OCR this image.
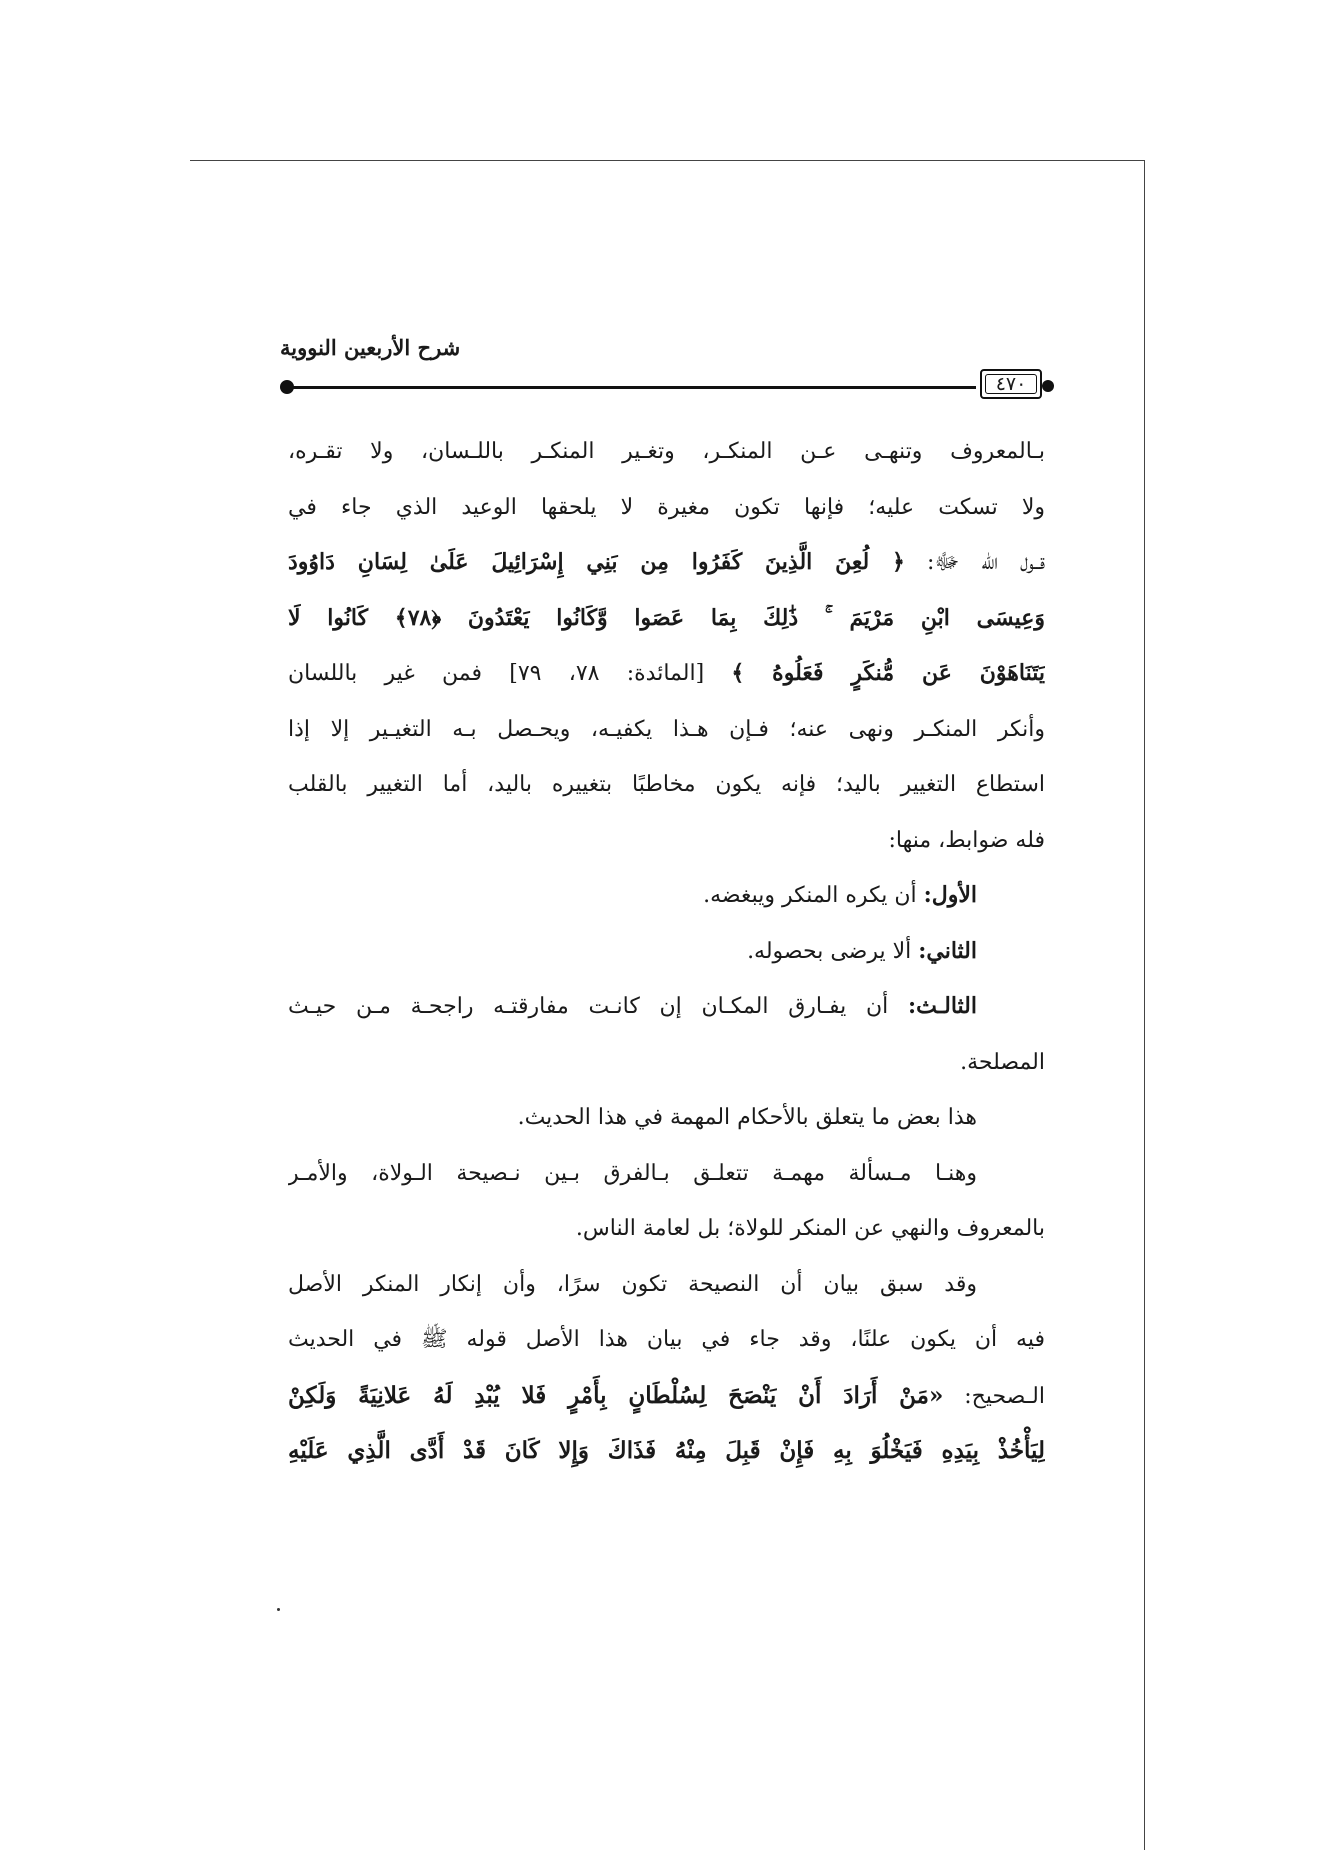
شرح الأربعين النووية
٤٧٠
بـالمعروف وتنهـى عـن المنكـر، وتغـير المنكـر باللـسان، ولا تقـره،
ولا تسكت عليه؛ فإنها تكون مغيرة لا يلحقها الوعيد الذي جاء في
قــول الله ﷻ: ﴿ لُعِنَ الَّذِينَ كَفَرُوا مِن بَنِي إِسْرَائِيلَ عَلَىٰ لِسَانِ دَاوُودَ
وَعِيسَى ابْنِ مَرْيَمَ ۚ ذَٰلِكَ بِمَا عَصَوا وَّكَانُوا يَعْتَدُونَ ﴿٧٨﴾ كَانُوا لَا
يَتَنَاهَوْنَ عَن مُّنكَرٍ فَعَلُوهُ ﴾ [المائدة: ٧٨، ٧٩] فمن غير باللسان
وأنكر المنكـر ونهى عنه؛ فـإن هـذا يكفيـه، ويحـصل بـه التغيـير إلا إذا
استطاع التغيير باليد؛ فإنه يكون مخاطبًا بتغييره باليد، أما التغيير بالقلب
فله ضوابط، منها:
الأول: أن يكره المنكر ويبغضه.
الثاني: ألا يرضى بحصوله.
الثالـث: أن يفـارق المكـان إن كانـت مفارقتـه راجحـة مـن حيـث
المصلحة.
هذا بعض ما يتعلق بالأحكام المهمة في هذا الحديث.
وهنـا مـسألة مهمـة تتعلـق بـالفرق بـين نـصيحة الـولاة، والأمـر
بالمعروف والنهي عن المنكر للولاة؛ بل لعامة الناس.
وقد سبق بيان أن النصيحة تكون سرًا، وأن إنكار المنكر الأصل
فيه أن يكون علنًا، وقد جاء في بيان هذا الأصل قوله ﷺ في الحديث
الـصحيح: «مَنْ أَرَادَ أَنْ يَنْصَحَ لِسُلْطَانٍ بِأَمْرٍ فَلا يُبْدِ لَهُ عَلانِيَةً وَلَكِنْ
لِيَأْخُذْ بِيَدِهِ فَيَخْلُوَ بِهِ فَإِنْ قَبِلَ مِنْهُ فَذَاكَ وَإِلا كَانَ قَدْ أَدَّى الَّذِي عَلَيْهِ
